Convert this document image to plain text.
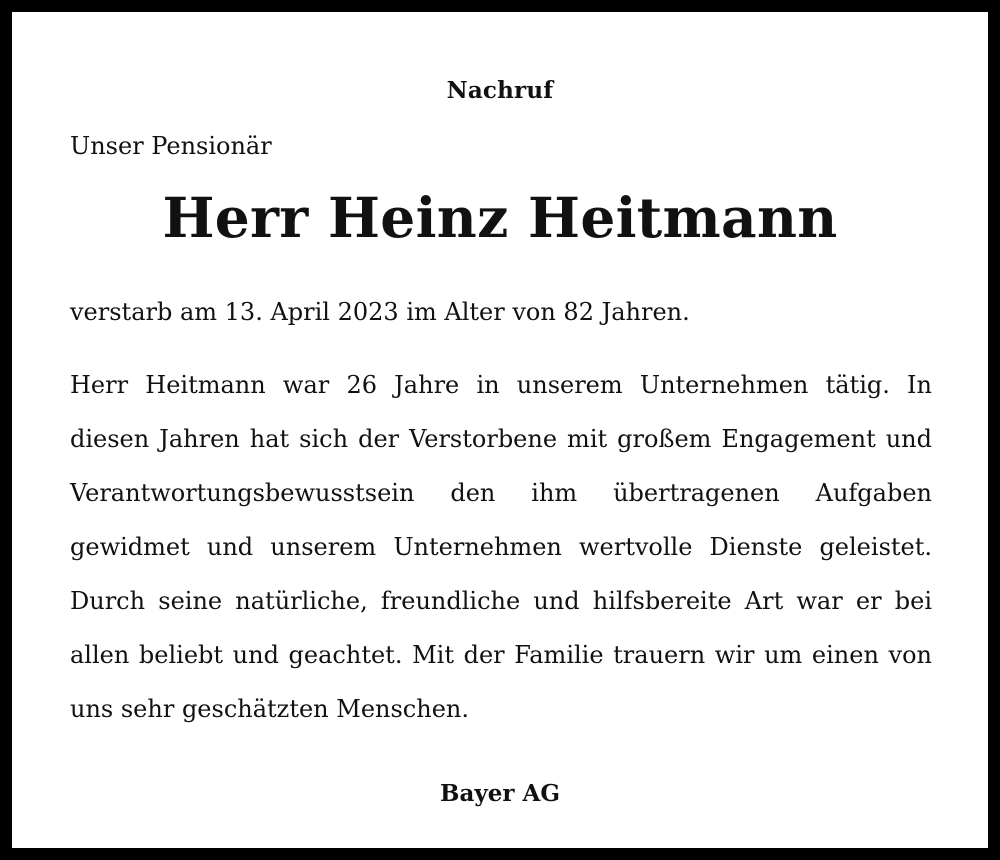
Nachruf
Unser Pensionär
Herr Heinz Heitmann
verstarb am 13. April 2023 im Alter von 82 Jahren.

Herr Heitmann war 26 Jahre in unserem Unternehmen tätig. In diesen Jahren hat sich der Verstorbene mit großem Engagement und Verantwortungsbewusstsein den ihm übertragenen Aufgaben gewidmet und unserem Unternehmen wertvolle Dienste geleistet. Durch seine natürliche, freundliche und hilfsbereite Art war er bei allen beliebt und geachtet. Mit der Familie trauern wir um einen von uns sehr geschätzten Menschen.

Bayer AG
